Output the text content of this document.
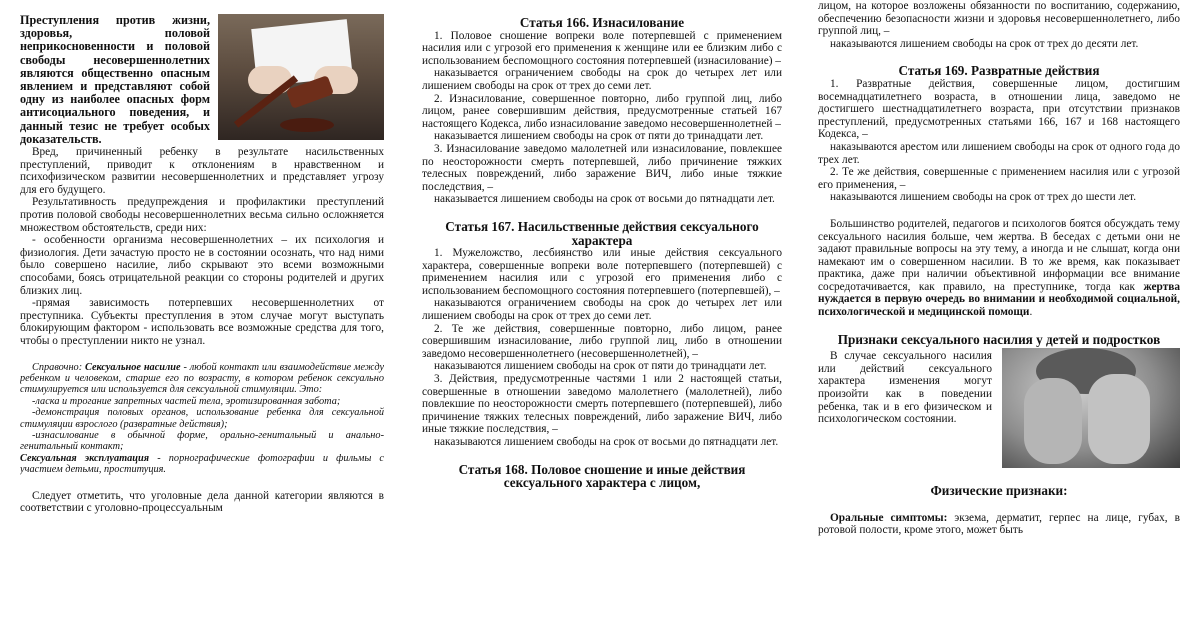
Преступления против жизни, здоровья, половой неприкосновенности и половой свободы несовершеннолетних являются общественно опасным явлением и представляют собой одну из наиболее опасных форм антисоциального поведения, и данный тезис не требует особых доказательств.

Вред, причиненный ребенку в результате насильственных преступлений, приводит к отклонениям в нравственном и психофизическом развитии несовершеннолетних и представляет угрозу для его будущего.

Результативность предупреждения и профилактики преступлений против половой свободы несовершеннолетних весьма сильно осложняется множеством обстоятельств, среди них:

- особенности организма несовершеннолетних – их психология и физиология. Дети зачастую просто не в состоянии осознать, что над ними было совершено насилие, либо скрывают это всеми возможными способами, боясь отрицательной реакции со стороны родителей и других близких лиц.

-прямая зависимость потерпевших несовершеннолетних от преступника. Субъекты преступления в этом случае могут выступать блокирующим фактором - использовать все возможные средства для того, чтобы о преступлении никто не узнал.

Справочно: Сексуальное насилие - любой контакт или взаимодействие между ребенком и человеком, старше его по возрасту, в котором ребенок сексуально стимулируется или используется для сексуальной стимуляции. Это:

-ласка и трогание запретных частей тела, эротизированная забота;

-демонстрация половых органов, использование ребенка для сексуальной стимуляции взрослого (развратные действия);

-изнасилование в обычной форме, орально-генитальный и анально-генитальный контакт;

Сексуальная эксплуатация - порнографические фотографии и фильмы с участием детьми, проституция.

Следует отметить, что уголовные дела данной категории являются в соответствии с уголовно-процессуальным

Статья 166. Изнасилование

1. Половое сношение вопреки воле потерпевшей с применением насилия или с угрозой его применения к женщине или ее близким либо с использованием беспомощного состояния потерпевшей (изнасилование) –

наказывается ограничением свободы на срок до четырех лет или лишением свободы на срок от трех до семи лет.

2. Изнасилование, совершенное повторно, либо группой лиц, либо лицом, ранее совершившим действия, предусмотренные статьей 167 настоящего Кодекса, либо изнасилование заведомо несовершеннолетней –

наказывается лишением свободы на срок от пяти до тринадцати лет.

3. Изнасилование заведомо малолетней или изнасилование, повлекшее по неосторожности смерть потерпевшей, либо причинение тяжких телесных повреждений, либо заражение ВИЧ, либо иные тяжкие последствия, –

наказывается лишением свободы на срок от восьми до пятнадцати лет.

Статья 167. Насильственные действия сексуального характера

1. Мужеложство, лесбиянство или иные действия сексуального характера, совершенные вопреки воле потерпевшего (потерпевшей) с применением насилия или с угрозой его применения либо с использованием беспомощного состояния потерпевшего (потерпевшей), –

наказываются ограничением свободы на срок до четырех лет или лишением свободы на срок от трех до семи лет.

2. Те же действия, совершенные повторно, либо лицом, ранее совершившим изнасилование, либо группой лиц, либо в отношении заведомо несовершеннолетнего (несовершеннолетней), –

наказываются лишением свободы на срок от пяти до тринадцати лет.

3. Действия, предусмотренные частями 1 или 2 настоящей статьи, совершенные в отношении заведомо малолетнего (малолетней), либо повлекшие по неосторожности смерть потерпевшего (потерпевшей), либо причинение тяжких телесных повреждений, либо заражение ВИЧ, либо иные тяжкие последствия, –

наказываются лишением свободы на срок от восьми до пятнадцати лет.

Статья 168. Половое сношение и иные действия сексуального характера с лицом,

лицом, на которое возложены обязанности по воспитанию, содержанию, обеспечению безопасности жизни и здоровья несовершеннолетнего, либо группой лиц, –

наказываются лишением свободы на срок от трех до десяти лет.

Статья 169. Развратные действия

1. Развратные действия, совершенные лицом, достигшим восемнадцатилетнего возраста, в отношении лица, заведомо не достигшего шестнадцатилетнего возраста, при отсутствии признаков преступлений, предусмотренных статьями 166, 167 и 168 настоящего Кодекса, –

наказываются арестом или лишением свободы на срок от одного года до трех лет.

2. Те же действия, совершенные с применением насилия или с угрозой его применения, –

наказываются лишением свободы на срок от трех до шести лет.

Большинство родителей, педагогов и психологов боятся обсуждать тему сексуального насилия больше, чем жертва. В беседах с детьми они не задают правильные вопросы на эту тему, а иногда и не слышат, когда они намекают им о совершенном насилии. В то же время, как показывает практика, даже при наличии объективной информации все внимание сосредотачивается, как правило, на преступнике, тогда как жертва нуждается в первую очередь во внимании и необходимой социальной, психологической и медицинской помощи.

Признаки сексуального насилия у детей и подростков

В случае сексуального насилия или действий сексуального характера изменения могут произойти как в поведении ребенка, так и в его физическом и психологическом состоянии.

Физические признаки:

Оральные симптомы: экзема, дерматит, герпес на лице, губах, в ротовой полости, кроме этого, может быть
